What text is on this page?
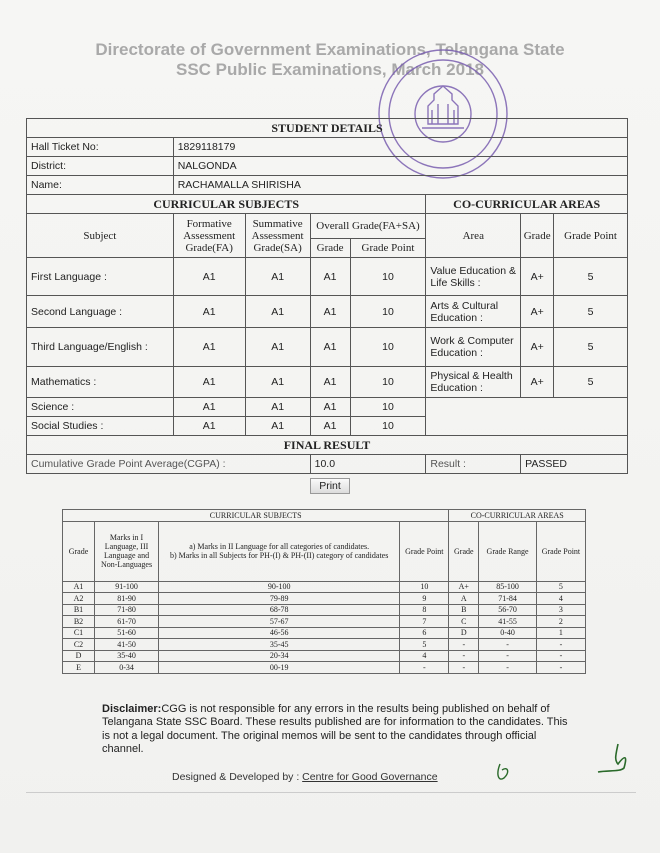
Directorate of Government Examinations, Telangana State
SSC Public Examinations, March 2018
STUDENT DETAILS							
Hall Ticket No:	1829118179						
District:	NALGONDA						
Name:	RACHAMALLA SHIRISHA						
CURRICULAR SUBJECTS					CO-CURRICULAR AREAS		
Subject	Formative Assessment Grade(FA)	Summative Assessment Grade(SA)	Overall Grade(FA+SA)		Area	Grade	Grade Point
			Grade	Grade Point			
First Language :	A1	A1	A1	10	Value Education & Life Skills :	A+	5
Second Language :	A1	A1	A1	10	Arts & Cultural Education :	A+	5
Third Language/English :	A1	A1	A1	10	Work & Computer Education :	A+	5
Mathematics :	A1	A1	A1	10	Physical & Health Education :	A+	5
Science :	A1	A1	A1	10			
Social Studies :	A1	A1	A1	10			
FINAL RESULT							
Cumulative Grade Point Average(CGPA) :			10.0		Result :	PASSED	
Print
CURRICULAR SUBJECTS				CO-CURRICULAR AREAS		
Grade	Marks in I Language, III Language and Non-Languages	a) Marks in II Language for all categories of candidates.
b) Marks in all Subjects for PH-(I) & PH-(II) category of candidates	Grade Point	Grade	Grade Range	Grade Point
A1	91-100	90-100	10	A+	85-100	5
A2	81-90	79-89	9	A	71-84	4
B1	71-80	68-78	8	B	56-70	3
B2	61-70	57-67	7	C	41-55	2
C1	51-60	46-56	6	D	0-40	1
C2	41-50	35-45	5	-	-	-
D	35-40	20-34	4	-	-	-
E	0-34	00-19	-	-	-	-
Disclaimer:CGG is not responsible for any errors in the results being published on behalf of Telangana State SSC Board. These results published are for information to the candidates. This is not a legal document. The original memos will be sent to the candidates through official channel.
Designed & Developed by : Centre for Good Governance
